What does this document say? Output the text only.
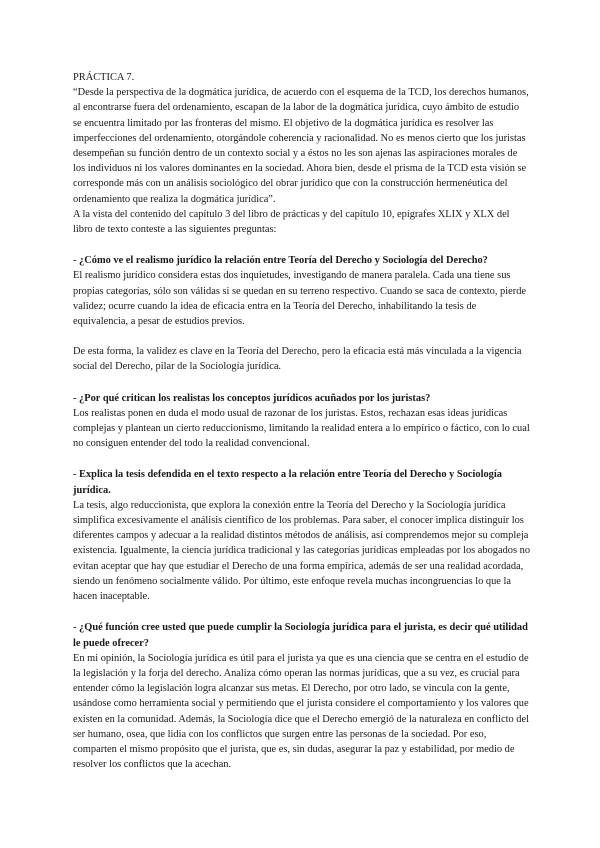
PRÁCTICA 7.

“Desde la perspectiva de la dogmática jurídica, de acuerdo con el esquema de la TCD, los derechos humanos, al encontrarse fuera del ordenamiento, escapan de la labor de la dogmática jurídica, cuyo ámbito de estudio se encuentra limitado por las fronteras del mismo. El objetivo de la dogmática jurídica es resolver las imperfecciones del ordenamiento, otorgándole coherencia y racionalidad. No es menos cierto que los juristas desempeñan su función dentro de un contexto social y a éstos no les son ajenas las aspiraciones morales de los individuos ni los valores dominantes en la sociedad. Ahora bien, desde el prisma de la TCD esta visión se corresponde más con un análisis sociológico del obrar jurídico que con la construcción hermenéutica del ordenamiento que realiza la dogmática jurídica”.

A la vista del contenido del capítulo 3 del libro de prácticas y del capítulo 10, epígrafes XLIX y XLX del libro de texto conteste a las siguientes preguntas:

- ¿Cómo ve el realismo jurídico la relación entre Teoría del Derecho y Sociología del Derecho?

El realismo jurídico considera estas dos inquietudes, investigando de manera paralela. Cada una tiene sus propias categorías, sólo son válidas si se quedan en su terreno respectivo. Cuando se saca de contexto, pierde validez; ocurre cuando la idea de eficacia entra en la Teoría del Derecho, inhabilitando la tesis de equivalencia, a pesar de estudios previos.

De esta forma, la validez es clave en la Teoría del Derecho, pero la eficacia está más vinculada a la vigencia social del Derecho, pilar de la Sociología jurídica.

- ¿Por qué critican los realistas los conceptos jurídicos acuñados por los juristas?

Los realistas ponen en duda el modo usual de razonar de los juristas. Estos, rechazan esas ideas jurídicas complejas y plantean un cierto reduccionismo, limitando la realidad entera a lo empírico o fáctico, con lo cual no consiguen entender del todo la realidad convencional.

- Explica la tesis defendida en el texto respecto a la relación entre Teoría del Derecho y Sociología jurídica.

La tesis, algo reduccionista, que explora la conexión entre la Teoría del Derecho y la Sociología jurídica simplifica excesivamente el análisis científico de los problemas. Para saber, el conocer implica distinguir los diferentes campos y adecuar a la realidad distintos métodos de análisis, así comprendemos mejor su compleja existencia. Igualmente, la ciencia jurídica tradicional y las categorías jurídicas empleadas por los abogados no evitan aceptar que hay que estudiar el Derecho de una forma empírica, además de ser una realidad acordada, siendo un fenómeno socialmente válido. Por último, este enfoque revela muchas incongruencias lo que la hacen inaceptable.

- ¿Qué función cree usted que puede cumplir la Sociología jurídica para el jurista, es decir qué utilidad le puede ofrecer?

En mi opinión, la Sociología jurídica es útil para el jurista ya que es una ciencia que se centra en el estudio de la legislación y la forja del derecho. Analiza cómo operan las normas jurídicas, que a su vez, es crucial para entender cómo la legislación logra alcanzar sus metas. El Derecho, por otro lado, se vincula con la gente, usándose como herramienta social y permitiendo que el jurista considere el comportamiento y los valores que existen en la comunidad. Además, la Sociología dice que el Derecho emergió de la naturaleza en conflicto del ser humano, osea, que lidia con los conflictos que surgen entre las personas de la sociedad. Por eso, comparten el mismo propósito que el jurista, que es, sin dudas, asegurar la paz y estabilidad, por medio de resolver los conflictos que la acechan.
